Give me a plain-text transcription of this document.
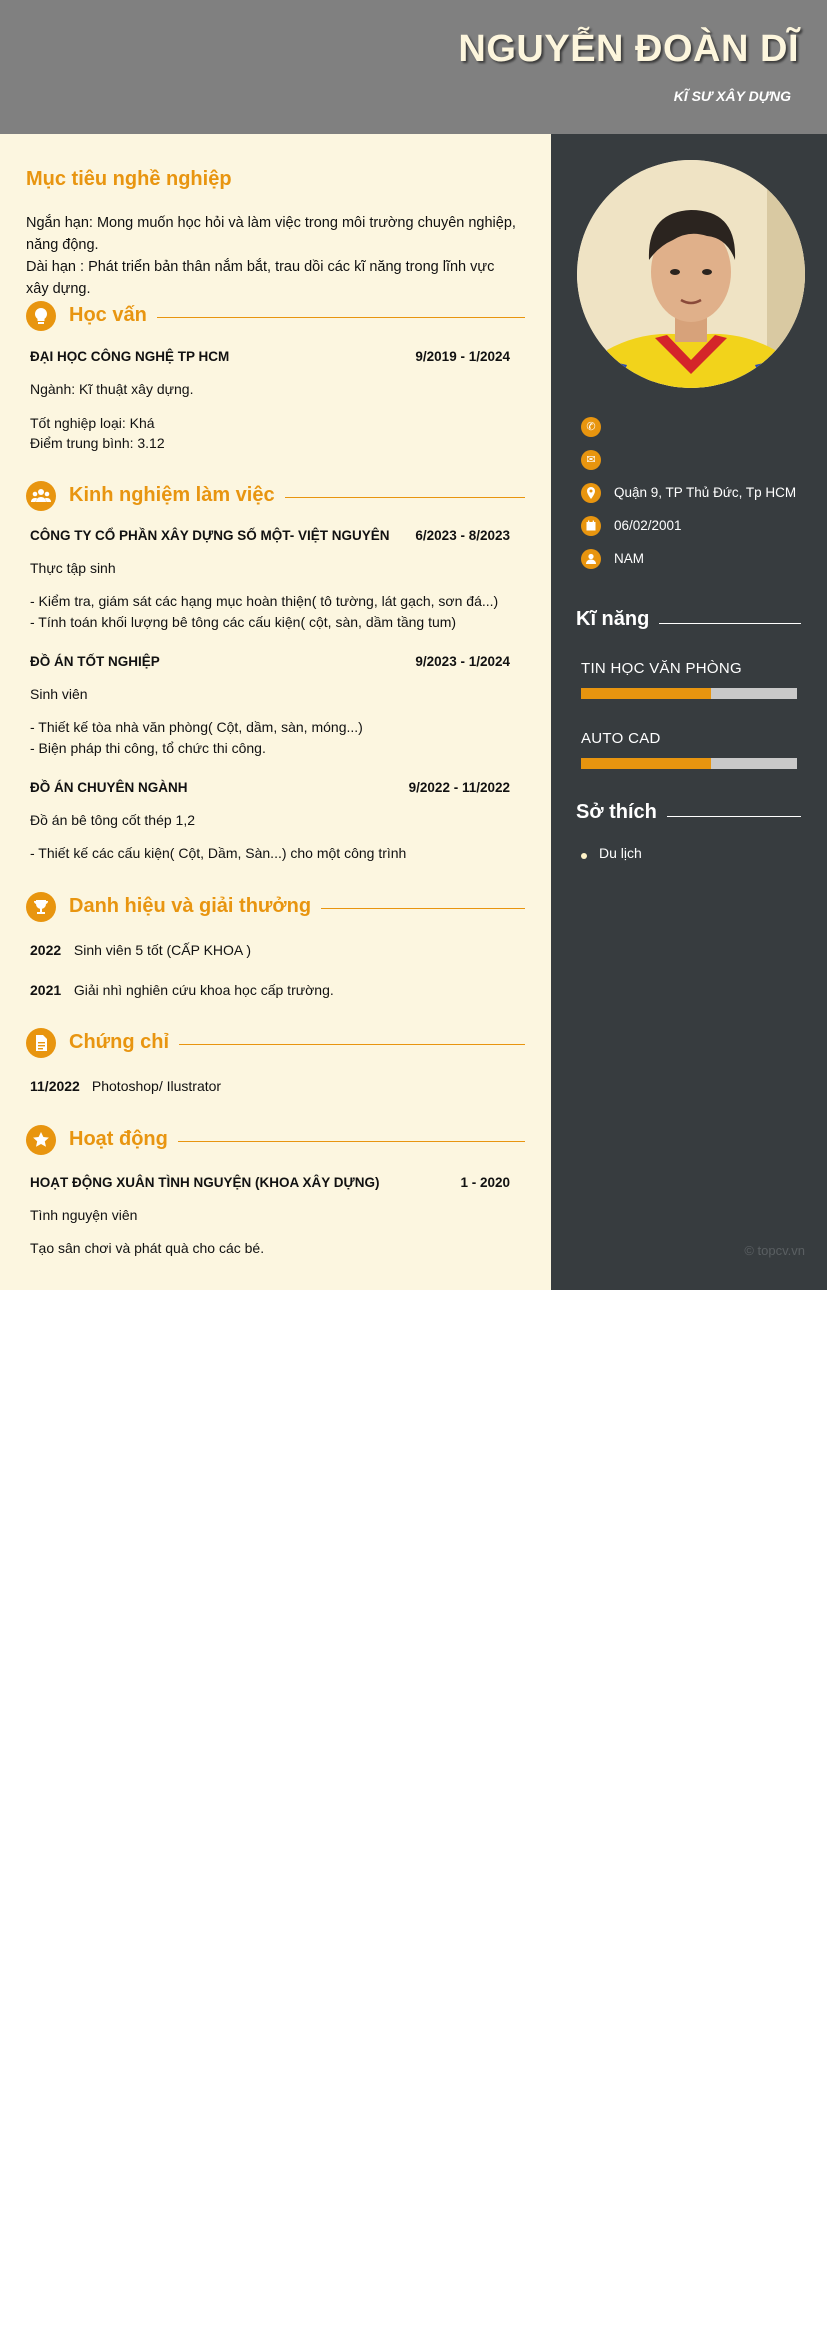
NGUYỄN ĐOÀN DĨ
KĨ SƯ XÂY DỰNG
Mục tiêu nghề nghiệp
Ngắn hạn: Mong muốn học hỏi và làm việc trong môi trường chuyên nghiệp, năng động.
Dài hạn : Phát triển bản thân nắm bắt, trau dồi các kĩ năng trong lĩnh vực xây dựng.
Học vấn
ĐẠI HỌC CÔNG NGHỆ TP HCM	9/2019 - 1/2024
Ngành: Kĩ thuật xây dựng.
Tốt nghiệp loại: Khá
Điểm trung bình: 3.12
Kinh nghiệm làm việc
CÔNG TY CỔ PHẦN XÂY DỰNG SỐ MỘT- VIỆT NGUYÊN 6/2023 - 8/2023
Thực tập sinh
- Kiểm tra, giám sát các hạng mục hoàn thiện( tô tường, lát gạch, sơn đá...)
- Tính toán khối lượng bê tông các cấu kiện( cột, sàn, dầm tầng tum)
ĐỒ ÁN TỐT NGHIỆP	9/2023 - 1/2024
Sinh viên
- Thiết kế tòa nhà văn phòng( Cột, dầm, sàn, móng...)
- Biện pháp thi công, tổ chức thi công.
ĐỒ ÁN CHUYÊN NGÀNH	9/2022 - 11/2022
Đồ án bê tông cốt thép 1,2
- Thiết kế các cấu kiện( Cột, Dầm, Sàn...) cho một công trình
Danh hiệu và giải thưởng
2022 Sinh viên 5 tốt (CẤP KHOA )
2021 Giải nhì nghiên cứu khoa học cấp trường.
Chứng chỉ
11/2022 Photoshop/ Ilustrator
Hoạt động
HOẠT ĐỘNG XUÂN TÌNH NGUYỆN (KHOA XÂY DỰNG)	1 - 2020
Tình nguyện viên
Tạo sân chơi và phát quà cho các bé.
✆
✉
Quận 9, TP Thủ Đức, Tp HCM
06/02/2001
NAM
Kĩ năng
TIN HỌC VĂN PHÒNG
AUTO CAD
Sở thích
Du lịch
© topcv.vn
